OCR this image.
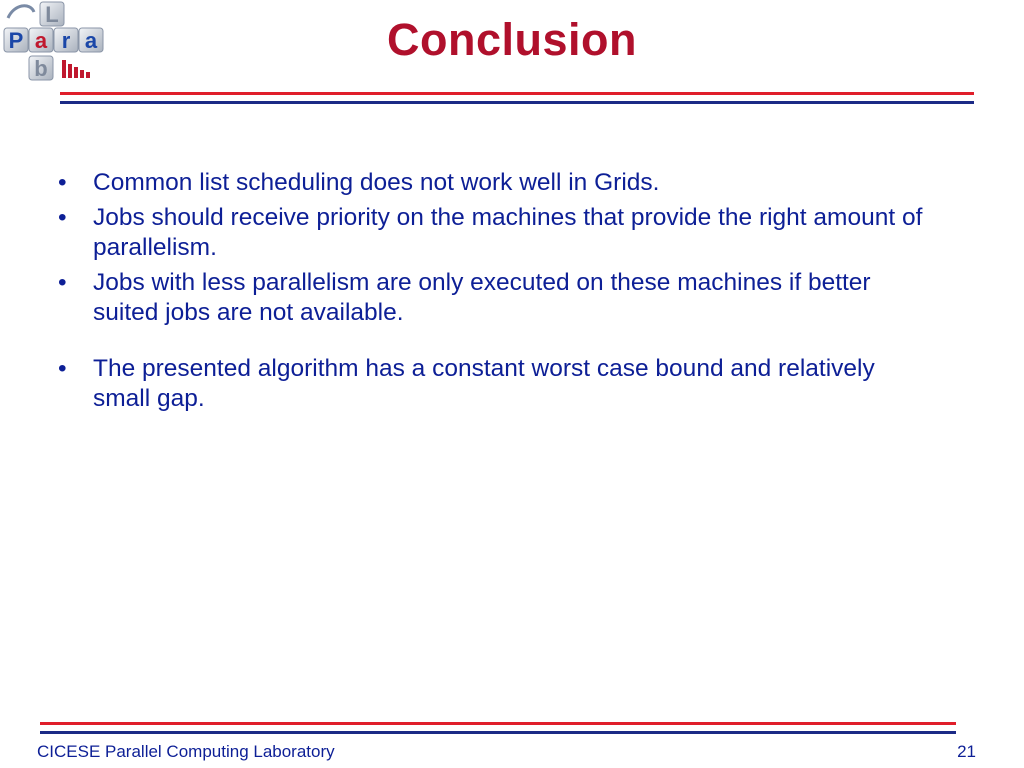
L
P a r a
b
Conclusion
• Common list scheduling does not work well in Grids.
• Jobs should receive priority on the machines that provide the right amount of parallelism.
• Jobs with less parallelism are only executed on these machines if better suited jobs are not available.
• The presented algorithm has a constant worst case bound and relatively small gap.
CICESE Parallel Computing Laboratory	21
